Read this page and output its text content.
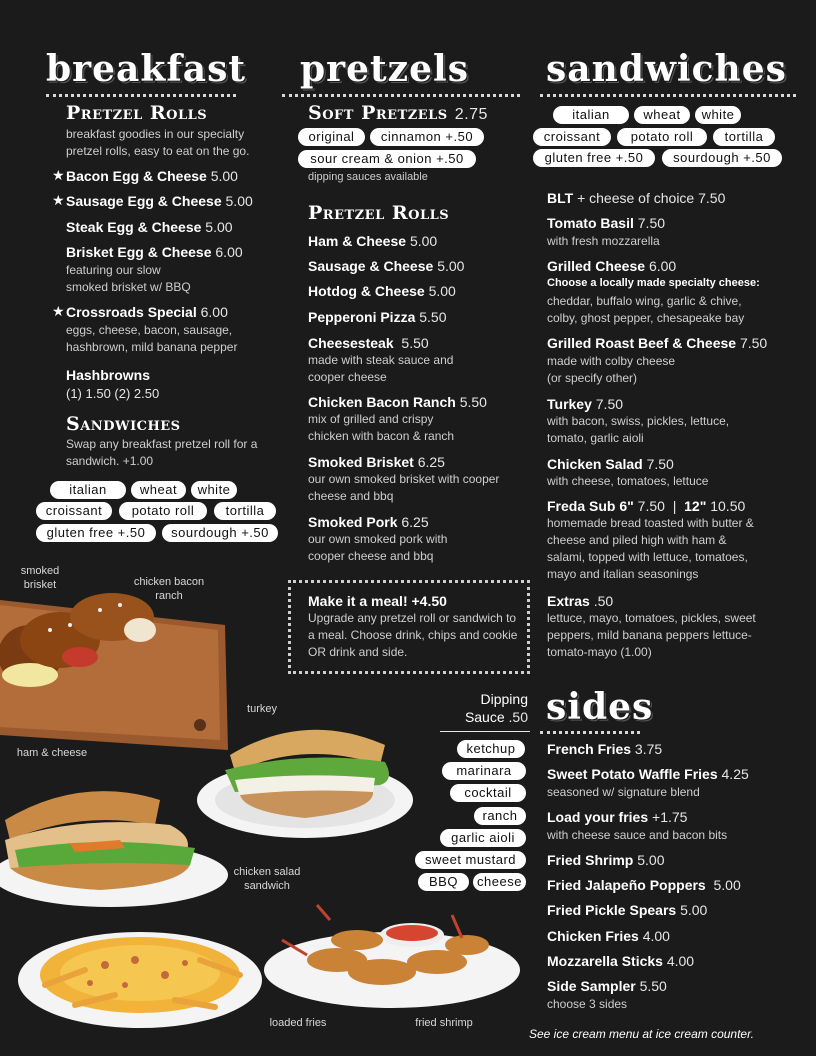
breakfast
Pretzel Rolls
breakfast goodies in our specialty pretzel rolls, easy to eat on the go.
★ Bacon Egg & Cheese 5.00
★ Sausage Egg & Cheese 5.00
Steak Egg & Cheese 5.00
Brisket Egg & Cheese 6.00
featuring our slow smoked brisket w/ BBQ
★ Crossroads Special 6.00
eggs, cheese, bacon, sausage, hashbrown, mild banana pepper
Hashbrowns
(1) 1.50 (2) 2.50
Sandwiches
Swap any breakfast pretzel roll for a sandwich. +1.00
italian	wheat	white
croissant	potato roll	tortilla
gluten free +.50	sourdough +.50
smoked brisket	chicken bacon ranch
ham & cheese
turkey
chicken salad sandwich
loaded fries	fried shrimp
pretzels
Soft Pretzels 2.75
original	cinnamon +.50
sour cream & onion +.50
dipping sauces available
Pretzel Rolls
Ham & Cheese 5.00
Sausage & Cheese 5.00
Hotdog & Cheese 5.00
Pepperoni Pizza 5.50
Cheesesteak 5.50
made with steak sauce and cooper cheese
Chicken Bacon Ranch 5.50
mix of grilled and crispy chicken with bacon & ranch
Smoked Brisket 6.25
our own smoked brisket with cooper cheese and bbq
Smoked Pork 6.25
our own smoked pork with cooper cheese and bbq
Make it a meal! +4.50
Upgrade any pretzel roll or sandwich to a meal. Choose drink, chips and cookie OR drink and side.
sandwiches
italian	wheat	white
croissant	potato roll	tortilla
gluten free +.50	sourdough +.50
BLT + cheese of choice 7.50
Tomato Basil 7.50
with fresh mozzarella
Grilled Cheese 6.00
Choose a locally made specialty cheese:
cheddar, buffalo wing, garlic & chive, colby, ghost pepper, chesapeake bay
Grilled Roast Beef & Cheese 7.50
made with colby cheese (or specify other)
Turkey 7.50
with bacon, swiss, pickles, lettuce, tomato, garlic aioli
Chicken Salad 7.50
with cheese, tomatoes, lettuce
Freda Sub 6" 7.50 | 12" 10.50
homemade bread toasted with butter & cheese and piled high with ham & salami, topped with lettuce, tomatoes, mayo and italian seasonings
Extras .50
lettuce, mayo, tomatoes, pickles, sweet peppers, mild banana peppers lettuce-tomato-mayo (1.00)
Dipping
Sauce .50 sides
ketchup
marinara
cocktail
ranch
garlic aioli
sweet mustard
BBQ	cheese
French Fries 3.75
Sweet Potato Waffle Fries 4.25
seasoned w/ signature blend
Load your fries +1.75
with cheese sauce and bacon bits
Fried Shrimp 5.00
Fried Jalapeño Poppers 5.00
Fried Pickle Spears 5.00
Chicken Fries 4.00
Mozzarella Sticks 4.00
Side Sampler 5.50
choose 3 sides
See ice cream menu at ice cream counter.
